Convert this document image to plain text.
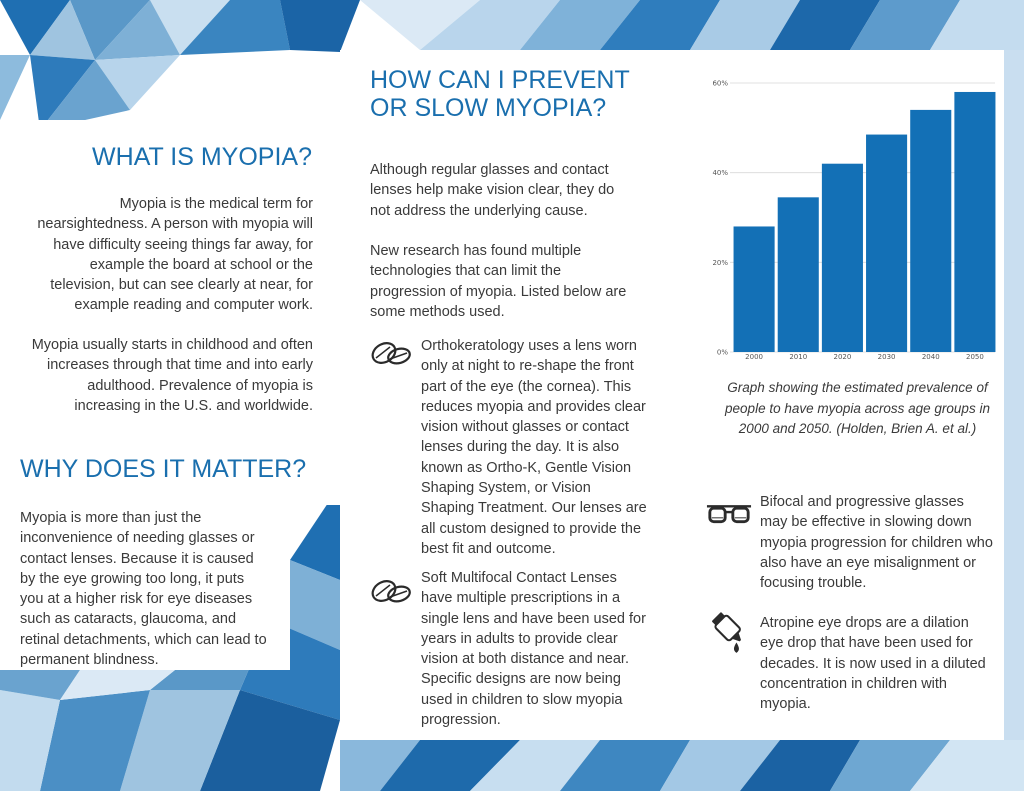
WHAT IS MYOPIA?

Myopia is the medical term for nearsightedness. A person with myopia will have difficulty seeing things far away, for example the board at school or the television, but can see clearly at near, for example reading and computer work.

Myopia usually starts in childhood and often increases through that time and into early adulthood. Prevalence of myopia is increasing in the U.S. and worldwide.

WHY DOES IT MATTER?

Myopia is more than just the inconvenience of needing glasses or contact lenses. Because it is caused by the eye growing too long, it puts you at a higher risk for eye diseases such as cataracts, glaucoma, and retinal detachments, which can lead to permanent blindness.

HOW CAN I PREVENT OR SLOW MYOPIA?

Although regular glasses and contact lenses help make vision clear, they do not address the underlying cause.

New research has found multiple technologies that can limit the progression of myopia. Listed below are some methods used.

Orthokeratology uses a lens worn only at night to re-shape the front part of the eye (the cornea). This reduces myopia and provides clear vision without glasses or contact lenses during the day. It is also known as Ortho-K, Gentle Vision Shaping System, or Vision Shaping Treatment. Our lenses are all custom designed to provide the best fit and outcome.

Soft Multifocal Contact Lenses have multiple prescriptions in a single lens and have been used for years in adults to provide clear vision at both distance and near. Specific designs are now being used in children to slow myopia progression.

0%
20%
40%
60%
2000	2010	2020	2030	2040	2050

Graph showing the estimated prevalence of people to have myopia across age groups in 2000 and 2050. (Holden, Brien A. et al.)

Bifocal and progressive glasses may be effective in slowing down myopia progression for children who also have an eye misalignment or focusing trouble.

Atropine eye drops are a dilation eye drop that have been used for decades. It is now used in a diluted concentration in children with myopia.
